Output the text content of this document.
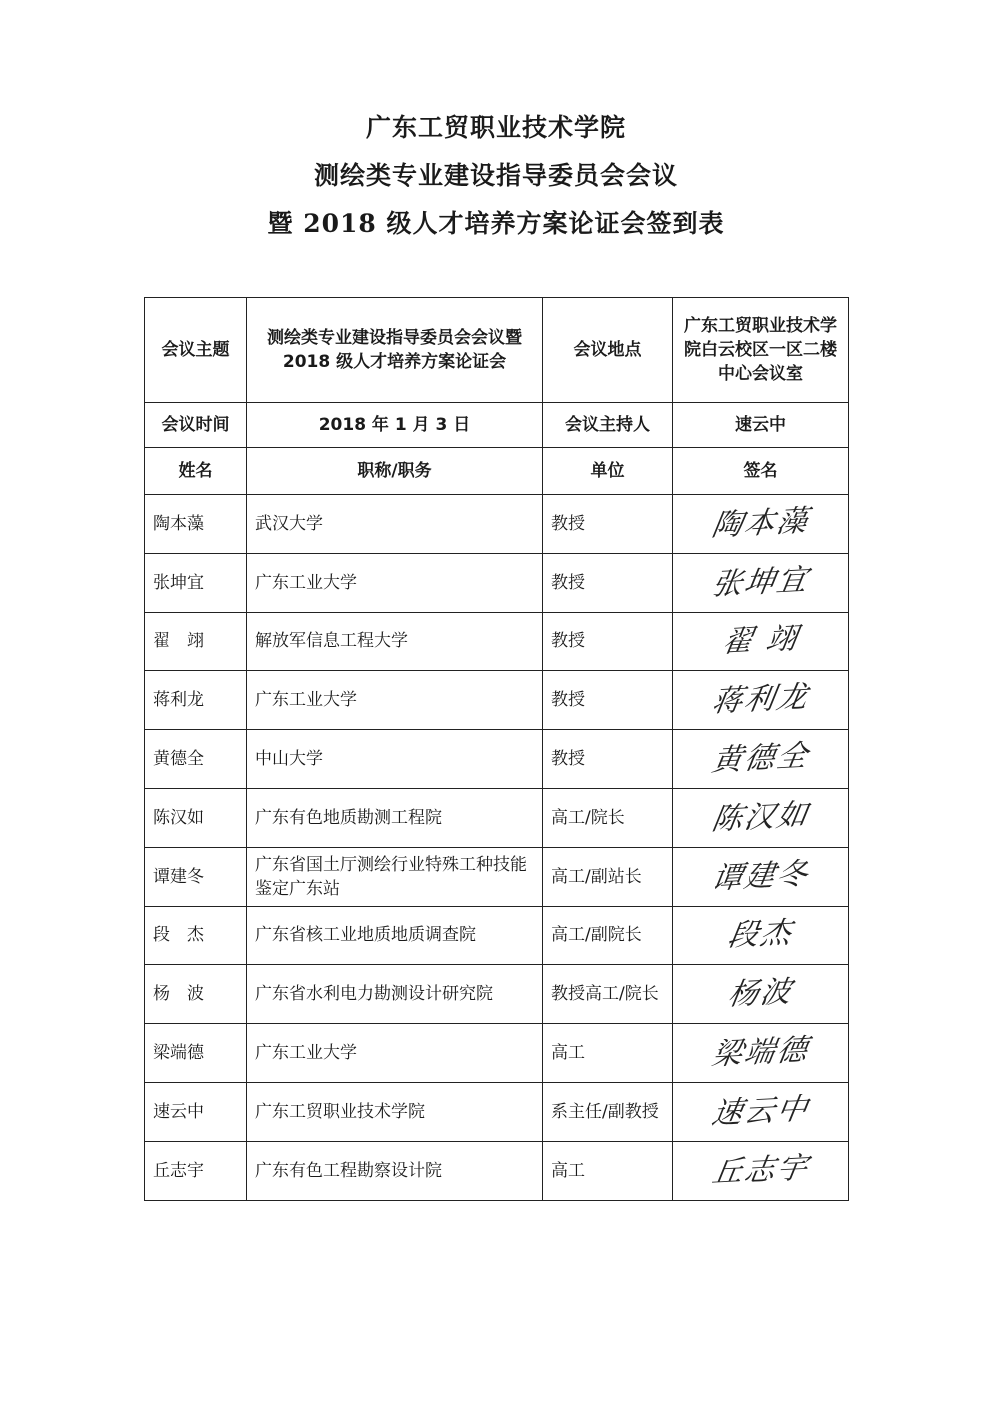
广东工贸职业技术学院
测绘类专业建设指导委员会会议
暨 2018 级人才培养方案论证会签到表
会议主题	测绘类专业建设指导委员会会议暨 2018 级人才培养方案论证会	会议地点	广东工贸职业技术学院白云校区一区二楼中心会议室
会议时间	2018 年 1 月 3 日	会议主持人	速云中
姓名	职称/职务	单位	签名
陶本藻	武汉大学	教授	陶本藻

张坤宜	广东工业大学	教授	张坤宜

翟　翊	解放军信息工程大学	教授	翟 翊

蒋利龙	广东工业大学	教授	蒋利龙

黄德全	中山大学	教授	黄德全

陈汉如	广东有色地质勘测工程院	高工/院长	陈汉如

谭建冬	广东省国土厅测绘行业特殊工种技能鉴定广东站	高工/副站长	谭建冬

段　杰	广东省核工业地质地质调查院	高工/副院长	段杰

杨　波	广东省水利电力勘测设计研究院	教授高工/院长	杨波

梁端德	广东工业大学	高工	梁端德

速云中	广东工贸职业技术学院	系主任/副教授	速云中

丘志宇	广东有色工程勘察设计院	高工	丘志宇
